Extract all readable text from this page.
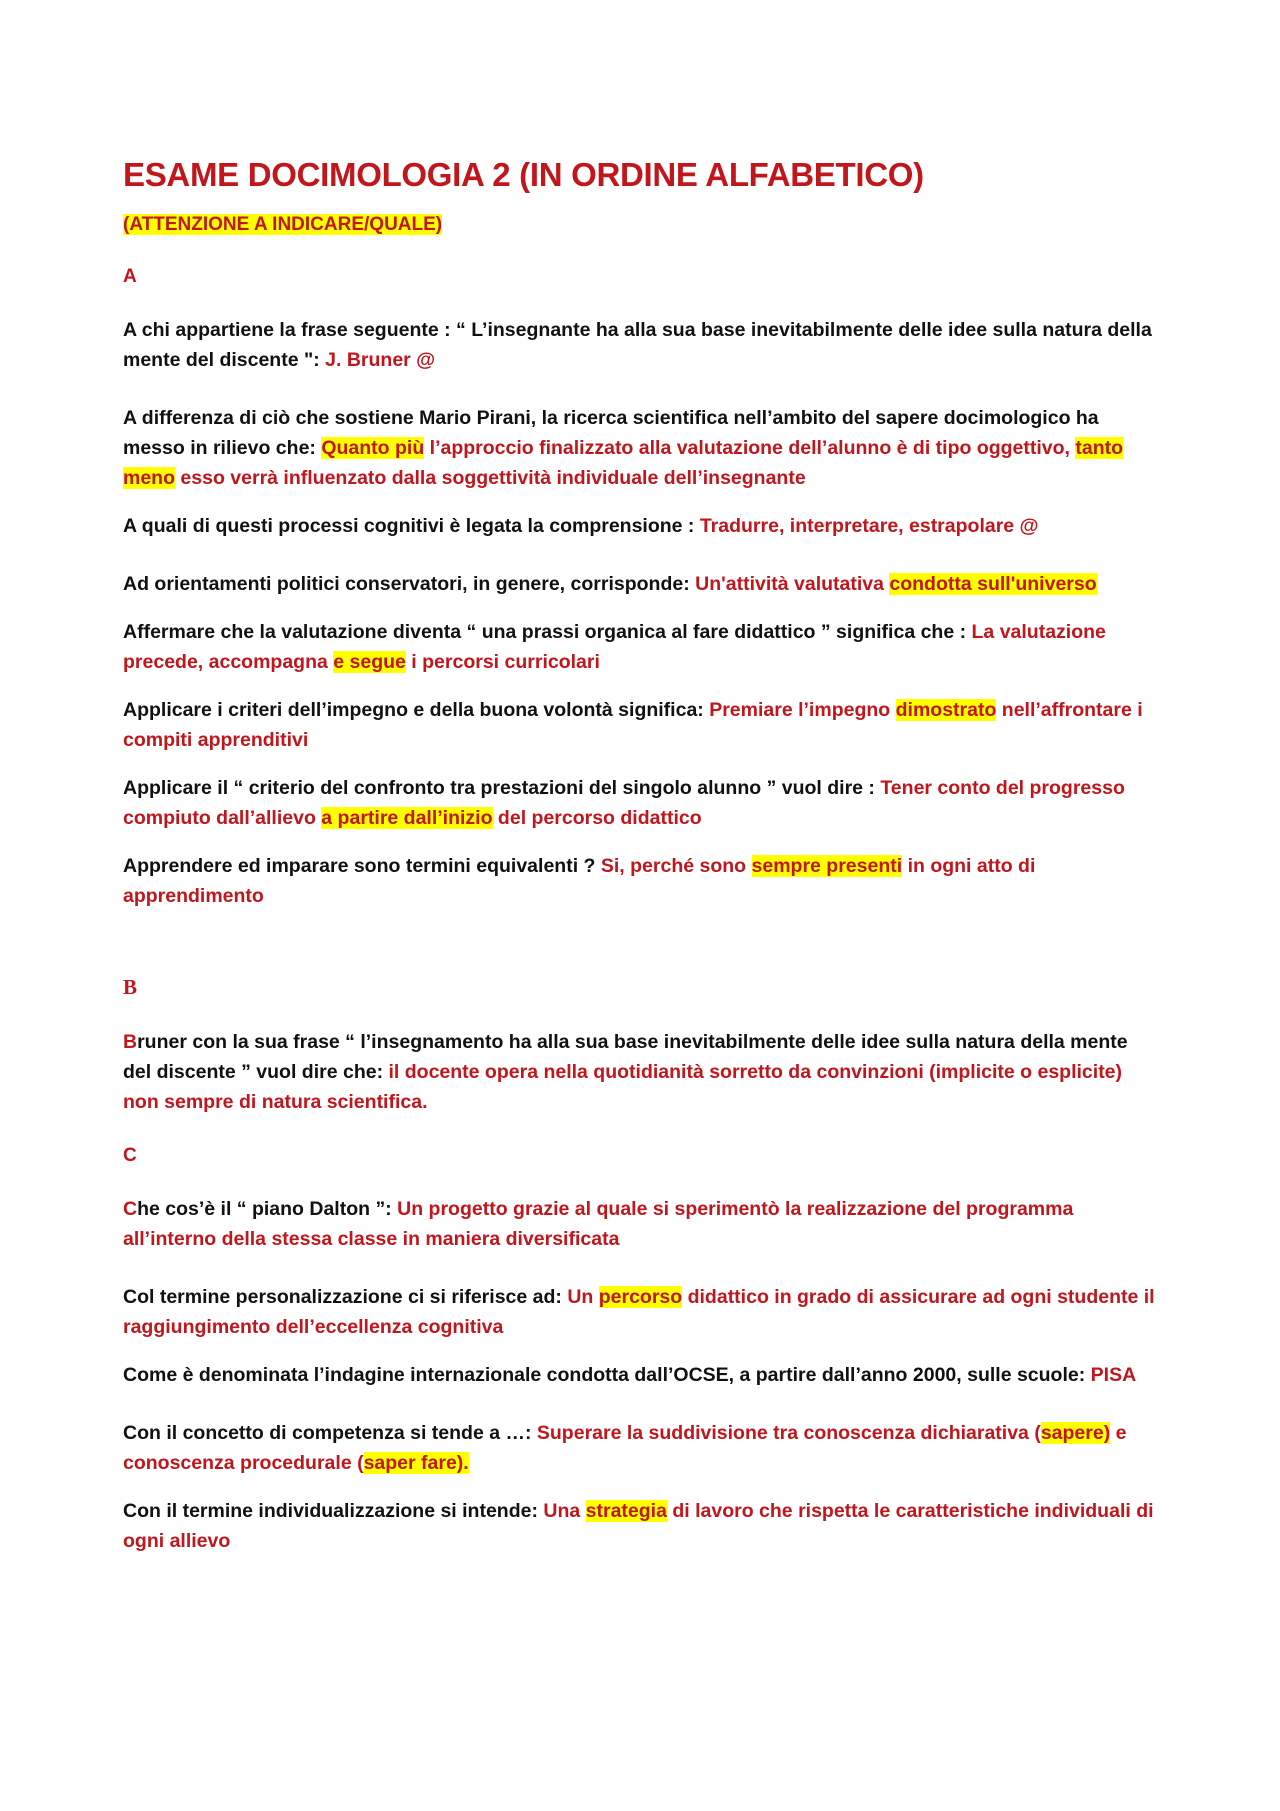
ESAME DOCIMOLOGIA 2 (IN ORDINE ALFABETICO)
(ATTENZIONE A INDICARE/QUALE)
A
A chi appartiene la frase seguente : “ L’insegnante ha alla sua base inevitabilmente delle idee sulla natura della mente del discente ": J. Bruner @
A differenza di ciò che sostiene Mario Pirani, la ricerca scientifica nell’ambito del sapere docimologico ha messo in rilievo che: Quanto più l’approccio finalizzato alla valutazione dell’alunno è di tipo oggettivo, tanto meno esso verrà influenzato dalla soggettività individuale dell’insegnante
A quali di questi processi cognitivi è legata la comprensione : Tradurre, interpretare, estrapolare @
Ad orientamenti politici conservatori, in genere, corrisponde: Un'attività valutativa condotta sull'universo
Affermare che la valutazione diventa “ una prassi organica al fare didattico ” significa che : La valutazione precede, accompagna e segue i percorsi curricolari
Applicare i criteri dell’impegno e della buona volontà significa: Premiare l’impegno dimostrato nell’affrontare i compiti apprenditivi
Applicare il “ criterio del confronto tra prestazioni del singolo alunno ” vuol dire : Tener conto del progresso compiuto dall’allievo a partire dall’inizio del percorso didattico
Apprendere ed imparare sono termini equivalenti ? Si, perché sono sempre presenti in ogni atto di apprendimento
B
Bruner con la sua frase “ l’insegnamento ha alla sua base inevitabilmente delle idee sulla natura della mente del discente ” vuol dire che: il docente opera nella quotidianità sorretto da convinzioni (implicite o esplicite) non sempre di natura scientifica.
C
Che cos’è il “ piano Dalton ”: Un progetto grazie al quale si sperimentò la realizzazione del programma all’interno della stessa classe in maniera diversificata
Col termine personalizzazione ci si riferisce ad: Un percorso didattico in grado di assicurare ad ogni studente il raggiungimento dell’eccellenza cognitiva
Come è denominata l’indagine internazionale condotta dall’OCSE, a partire dall’anno 2000, sulle scuole: PISA
Con il concetto di competenza si tende a …: Superare la suddivisione tra conoscenza dichiarativa (sapere) e conoscenza procedurale (saper fare).
Con il termine individualizzazione si intende: Una strategia di lavoro che rispetta le caratteristiche individuali di ogni allievo
